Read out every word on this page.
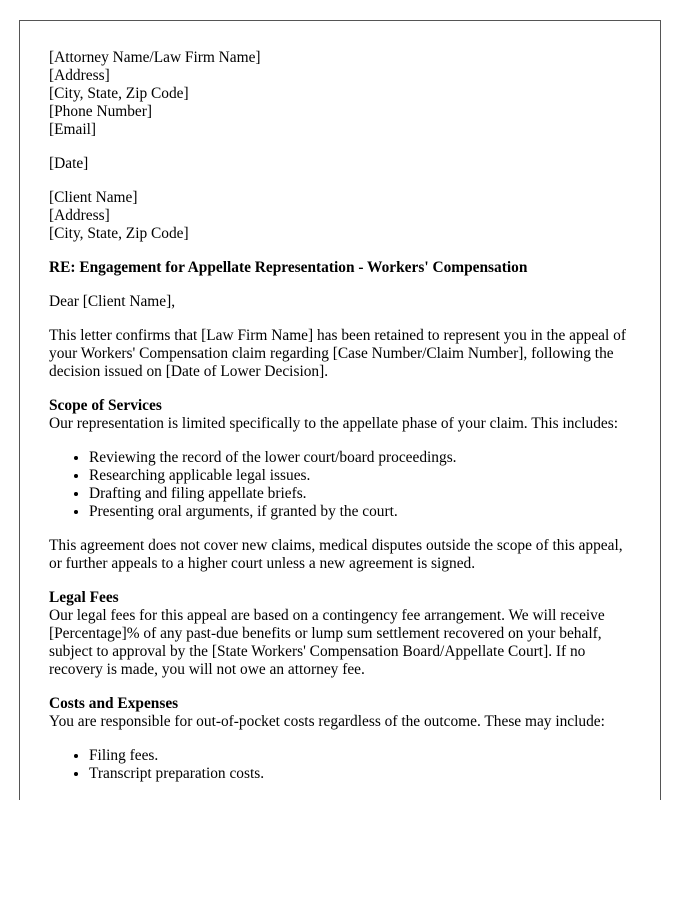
[Attorney Name/Law Firm Name]
[Address]
[City, State, Zip Code]
[Phone Number]
[Email]

[Date]

[Client Name]
[Address]
[City, State, Zip Code]

RE: Engagement for Appellate Representation - Workers' Compensation

Dear [Client Name],

This letter confirms that [Law Firm Name] has been retained to represent you in the appeal of your Workers' Compensation claim regarding [Case Number/Claim Number], following the decision issued on [Date of Lower Decision].

Scope of Services
Our representation is limited specifically to the appellate phase of your claim. This includes:
• Reviewing the record of the lower court/board proceedings.
• Researching applicable legal issues.
• Drafting and filing appellate briefs.
• Presenting oral arguments, if granted by the court.

This agreement does not cover new claims, medical disputes outside the scope of this appeal, or further appeals to a higher court unless a new agreement is signed.

Legal Fees
Our legal fees for this appeal are based on a contingency fee arrangement. We will receive [Percentage]% of any past-due benefits or lump sum settlement recovered on your behalf, subject to approval by the [State Workers' Compensation Board/Appellate Court]. If no recovery is made, you will not owe an attorney fee.
Costs and Expenses
You are responsible for out-of-pocket costs regardless of the outcome. These may include:
• Filing fees.
• Transcript preparation costs.
